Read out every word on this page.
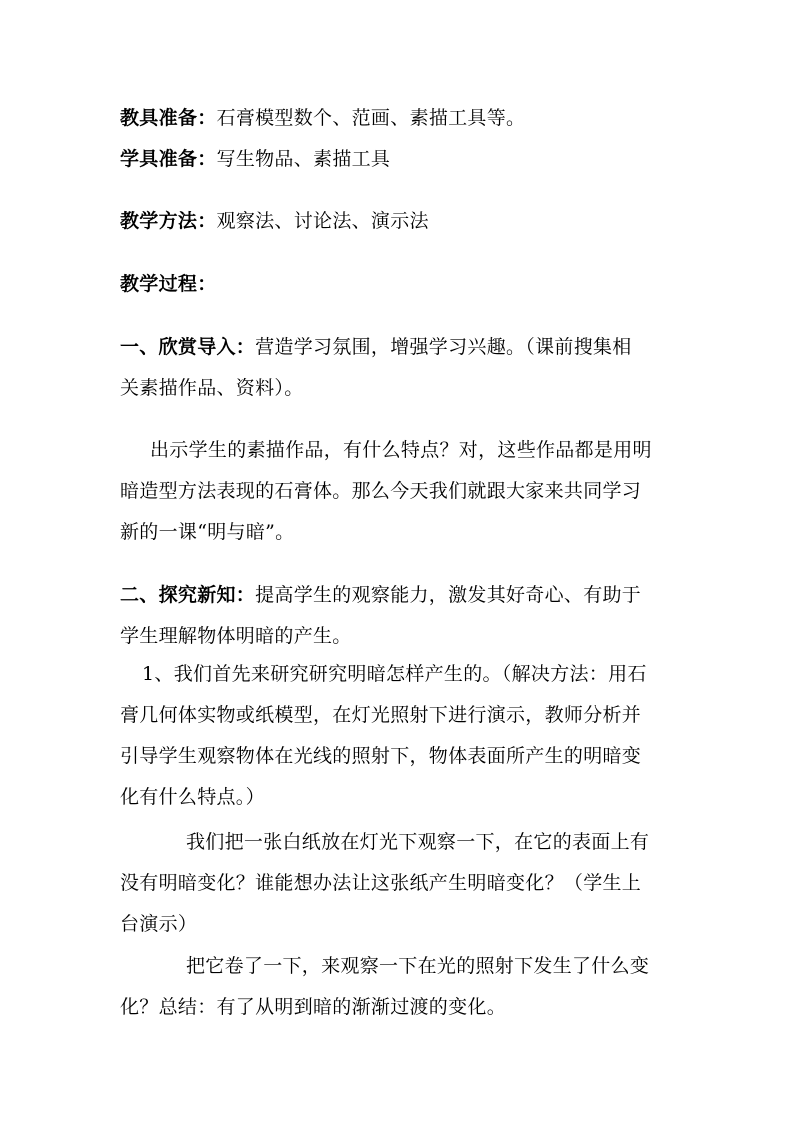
教具准备：石膏模型数个、范画、素描工具等。
学具准备：写生物品、素描工具
教学方法：观察法、讨论法、演示法
教学过程：
一、欣赏导入：营造学习氛围，增强学习兴趣。（课前搜集相
关素描作品、资料）。
出示学生的素描作品，有什么特点？对，这些作品都是用明
暗造型方法表现的石膏体。那么今天我们就跟大家来共同学习
新的一课“明与暗”。
二、探究新知：提高学生的观察能力，激发其好奇心、有助于
学生理解物体明暗的产生。
1、我们首先来研究研究明暗怎样产生的。（解决方法：用石
膏几何体实物或纸模型，在灯光照射下进行演示，教师分析并
引导学生观察物体在光线的照射下，物体表面所产生的明暗变
化有什么特点。）
我们把一张白纸放在灯光下观察一下，在它的表面上有
没有明暗变化？谁能想办法让这张纸产生明暗变化？（学生上
台演示）
把它卷了一下，来观察一下在光的照射下发生了什么变
化？总结：有了从明到暗的渐渐过渡的变化。
